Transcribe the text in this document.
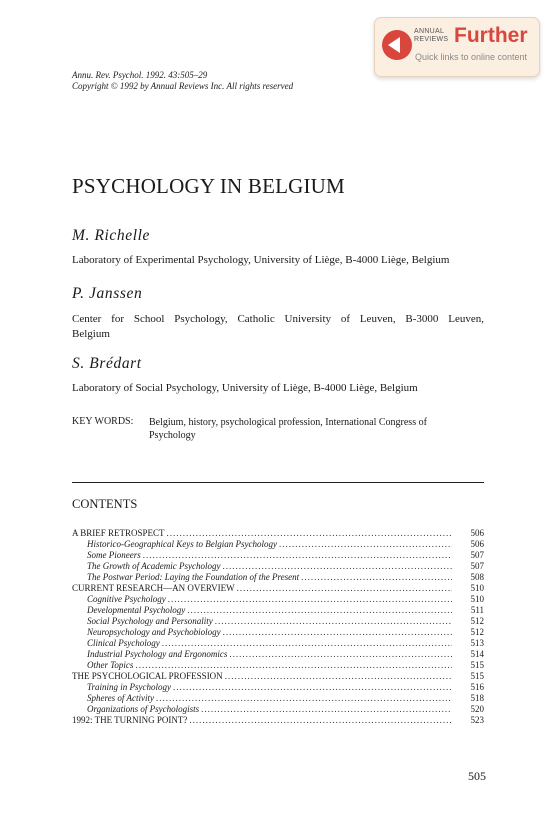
ANNUAL
REVIEWS Further
Quick links to online content
Annu. Rev. Psychol. 1992. 43:505–29
Copyright © 1992 by Annual Reviews Inc. All rights reserved
PSYCHOLOGY IN BELGIUM
M. Richelle
Laboratory of Experimental Psychology, University of Liège, B-4000 Liège, Belgium
P. Janssen
Center for School Psychology, Catholic University of Leuven, B-3000 Leuven,
Belgium
S. Brédart
Laboratory of Social Psychology, University of Liège, B-4000 Liège, Belgium
KEY WORDS: Belgium, history, psychological profession, International Congress of
Psychology
CONTENTS
A BRIEF RETROSPECT .....	506
Historico-Geographical Keys to Belgian Psychology .....	506
Some Pioneers .....	507
The Growth of Academic Psychology .....	507
The Postwar Period: Laying the Foundation of the Present .....	508
CURRENT RESEARCH—AN OVERVIEW .....	510
Cognitive Psychology .....	510
Developmental Psychology .....	511
Social Psychology and Personality .....	512
Neuropsychology and Psychobiology .....	512
Clinical Psychology .....	513
Industrial Psychology and Ergonomics .....	514
Other Topics .....	515
THE PSYCHOLOGICAL PROFESSION .....	515
Training in Psychology .....	516
Spheres of Activity .....	518
Organizations of Psychologists .....	520
1992: THE TURNING POINT? .....	523
505
